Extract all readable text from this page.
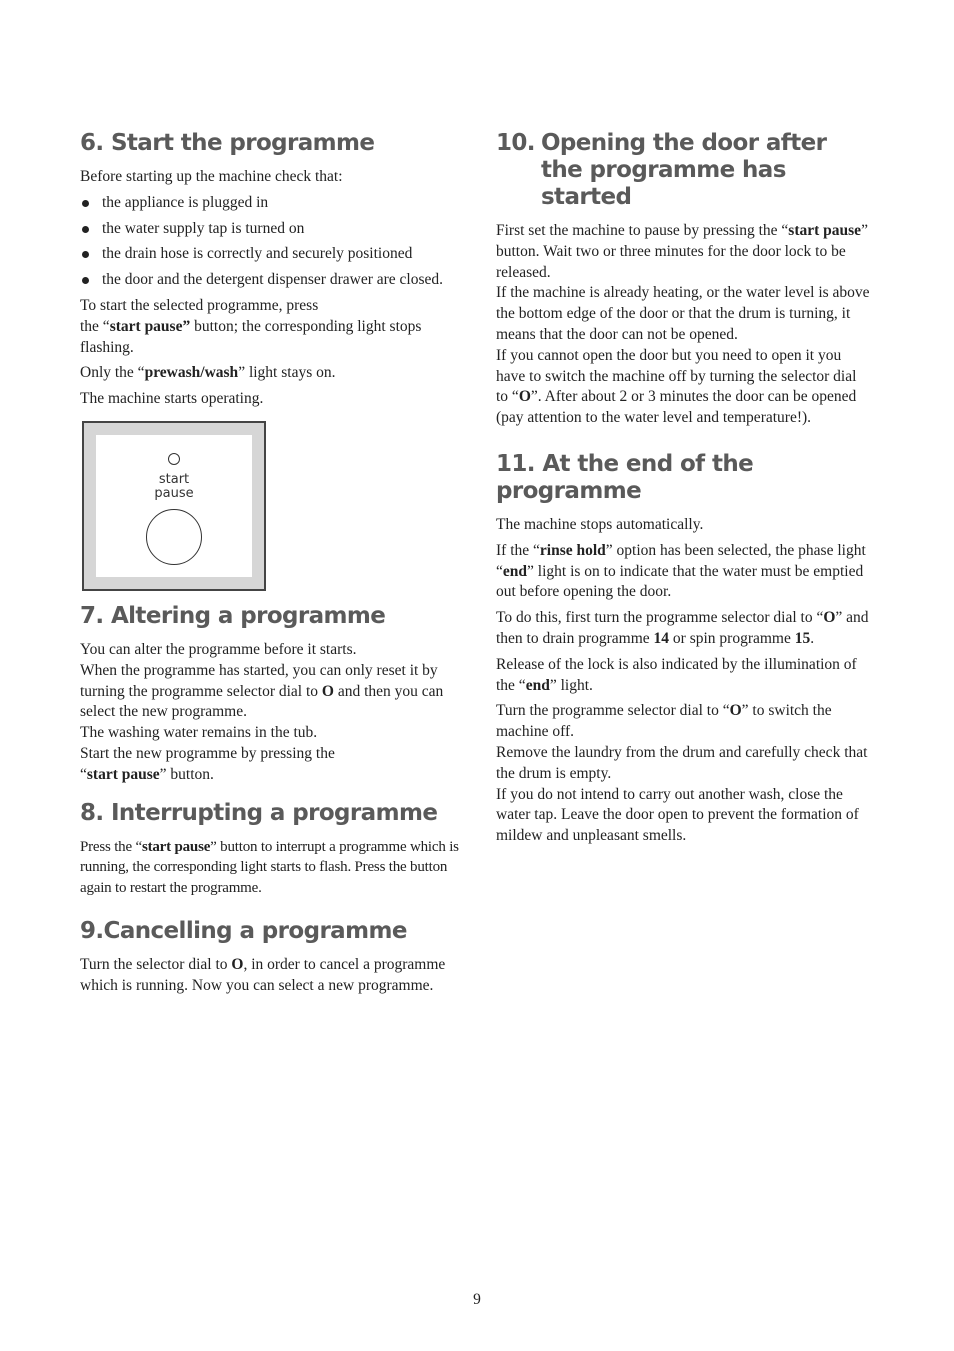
6. Start the programme

Before starting up the machine check that:

the appliance is plugged in
the water supply tap is turned on
the drain hose is correctly and securely positioned
the door and the detergent dispenser drawer are closed.

To start the selected programme, press
the “start pause” button; the corresponding light stops flashing.

Only the “prewash/wash” light stays on.

The machine starts operating.

start
pause
7. Altering a programme

You can alter the programme before it starts.
When the programme has started, you can only reset it by turning the programme selector dial to O and then you can select the new programme.
The washing water remains in the tub.
Start the new programme by pressing the
“start pause” button.

8. Interrupting a programme

Press the “start pause” button to interrupt a programme which is running, the corresponding light starts to flash. Press the button again to restart the programme.

9.Cancelling a programme

Turn the selector dial to O, in order to cancel a programme which is running. Now you can select a new programme.

10. Opening the door after the programme has started

First set the machine to pause by pressing the “start pause” button. Wait two or three minutes for the door lock to be released.
If the machine is already heating, or the water level is above the bottom edge of the door or that the drum is turning, it means that the door can not be opened.
If you cannot open the door but you need to open it you have to switch the machine off by turning the selector dial to “O”. After about 2 or 3 minutes the door can be opened (pay attention to the water level and temperature!).

11. At the end of the programme

The machine stops automatically.

If the “rinse hold” option has been selected, the phase light “end” light is on to indicate that the water must be emptied out before opening the door.

To do this, first turn the programme selector dial to “O” and then to drain programme 14 or spin programme 15.

Release of the lock is also indicated by the illumination of the “end” light.

Turn the programme selector dial to “O” to switch the machine off.
Remove the laundry from the drum and carefully check that the drum is empty.
If you do not intend to carry out another wash, close the water tap. Leave the door open to prevent the formation of mildew and unpleasant smells.

9
